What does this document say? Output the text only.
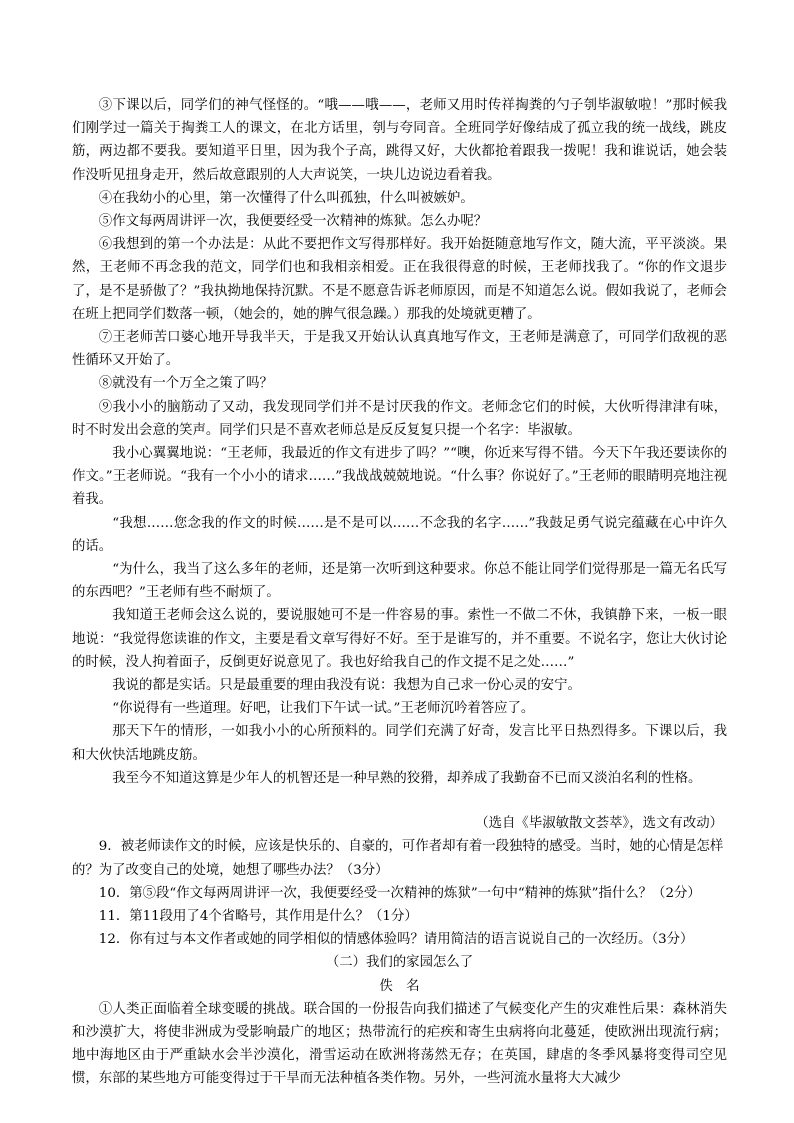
③下课以后，同学们的神气怪怪的。“哦——哦——，老师又用时传祥掏粪的勺子刳毕淑敏啦！”那时候我们刚学过一篇关于掏粪工人的课文，在北方话里，刳与夸同音。全班同学好像结成了孤立我的统一战线，跳皮筋，两边都不要我。要知道平日里，因为我个子高，跳得又好，大伙都抢着跟我一拨呢！我和谁说话，她会装作没听见扭身走开，然后故意跟别的人大声说笑，一块儿边说边看着我。

④在我幼小的心里，第一次懂得了什么叫孤独，什么叫被嫉妒。

⑤作文每两周讲评一次，我便要经受一次精神的炼狱。怎么办呢？

⑥我想到的第一个办法是：从此不要把作文写得那样好。我开始挺随意地写作文，随大流，平平淡淡。果然，王老师不再念我的范文，同学们也和我相亲相爱。正在我很得意的时候，王老师找我了。“你的作文退步了，是不是骄傲了？”我执拗地保持沉默。不是不愿意告诉老师原因，而是不知道怎么说。假如我说了，老师会在班上把同学们数落一顿，（她会的，她的脾气很急躁。）那我的处境就更糟了。

⑦王老师苦口婆心地开导我半天，于是我又开始认认真真地写作文，王老师是满意了，可同学们敌视的恶性循环又开始了。

⑧就没有一个万全之策了吗？

⑨我小小的脑筋动了又动，我发现同学们并不是讨厌我的作文。老师念它们的时候，大伙听得津津有味，时不时发出会意的笑声。同学们只是不喜欢老师总是反反复复只提一个名字：毕淑敏。

我小心翼翼地说：“王老师，我最近的作文有进步了吗？”“噢，你近来写得不错。今天下午我还要读你的作文。”王老师说。“我有一个小小的请求……”我战战兢兢地说。“什么事？你说好了。”王老师的眼睛明亮地注视着我。

“我想……您念我的作文的时候……是不是可以……不念我的名字……”我鼓足勇气说完蕴藏在心中许久的话。

“为什么，我当了这么多年的老师，还是第一次听到这种要求。你总不能让同学们觉得那是一篇无名氏写的东西吧？”王老师有些不耐烦了。

我知道王老师会这么说的，要说服她可不是一件容易的事。索性一不做二不休，我镇静下来，一板一眼地说：“我觉得您读谁的作文，主要是看文章写得好不好。至于是谁写的，并不重要。不说名字，您让大伙讨论的时候，没人拘着面子，反倒更好说意见了。我也好给我自己的作文提不足之处……”

我说的都是实话。只是最重要的理由我没有说：我想为自己求一份心灵的安宁。

“你说得有一些道理。好吧，让我们下午试一试。”王老师沉吟着答应了。

那天下午的情形，一如我小小的心所预料的。同学们充满了好奇，发言比平日热烈得多。下课以后，我和大伙快活地跳皮筋。

我至今不知道这算是少年人的机智还是一种早熟的狡猾，却养成了我勤奋不已而又淡泊名利的性格。

（选自《毕淑敏散文荟萃》，选文有改动）

9．被老师读作文的时候，应该是快乐的、自豪的，可作者却有着一段独特的感受。当时，她的心情是怎样的？为了改变自己的处境，她想了哪些办法？（3分）

10．第⑤段“作文每两周讲评一次，我便要经受一次精神的炼狱”一句中“精神的炼狱”指什么？（2分）

11．第11段用了4个省略号，其作用是什么？（1分）

12．你有过与本文作者或她的同学相似的情感体验吗？请用简洁的语言说说自己的一次经历。（3分）

（二）我们的家园怎么了

佚　名

①人类正面临着全球变暖的挑战。联合国的一份报告向我们描述了气候变化产生的灾难性后果：森林消失和沙漠扩大，将使非洲成为受影响最广的地区；热带流行的疟疾和寄生虫病将向北蔓延，使欧洲出现流行病；地中海地区由于严重缺水会半沙漠化，滑雪运动在欧洲将荡然无存；在英国，肆虐的冬季风暴将变得司空见惯，东部的某些地方可能变得过于干旱而无法种植各类作物。另外，一些河流水量将大大减少
